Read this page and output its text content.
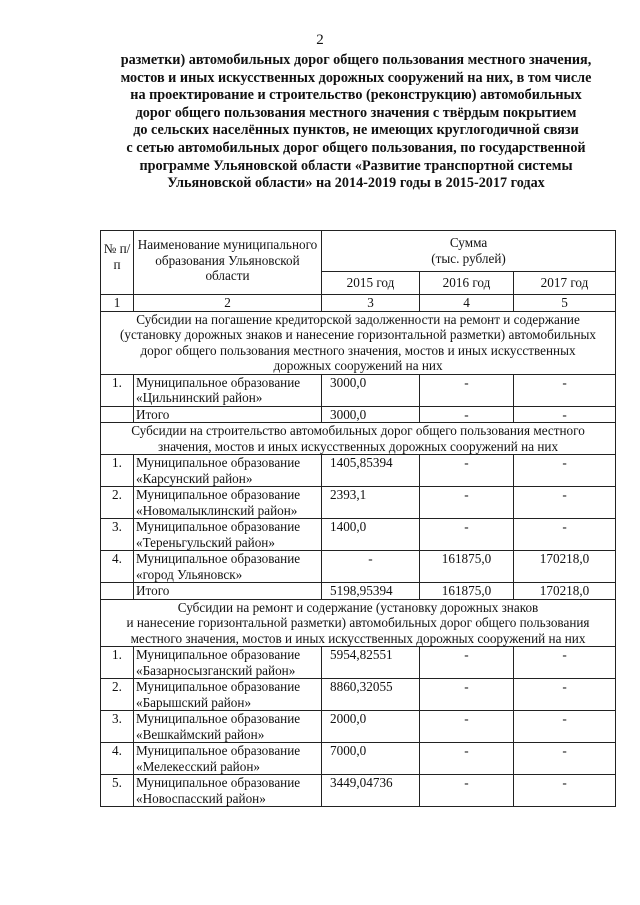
2
разметки) автомобильных дорог общего пользования местного значения,
мостов и иных искусственных дорожных сооружений на них, в том числе
на проектирование и строительство (реконструкцию) автомобильных
дорог общего пользования местного значения с твёрдым покрытием
до сельских населённых пунктов, не имеющих круглогодичной связи
с сетью автомобильных дорог общего пользования, по государственной
программе Ульяновской области «Развитие транспортной системы
Ульяновской области» на 2014-2019 годы в 2015-2017 годах
№ п/п	Наименование муниципального образования Ульяновской области	Сумма
(тыс. рублей)		

		2015 год	2016 год	2017 год
1	2	3	4	5

Субсидии на погашение кредиторской задолженности на ремонт и содержание
(установку дорожных знаков и нанесение горизонтальной разметки) автомобильных
дорог общего пользования местного значения, мостов и иных искусственных
дорожных сооружений на них				

1.	Муниципальное образование
«Цильнинский район»	3000,0	-	-
	Итого	3000,0	-	-

Субсидии на строительство автомобильных дорог общего пользования местного
значения, мостов и иных искусственных дорожных сооружений на них				

1.	Муниципальное образование
«Карсунский район»	1405,85394	-	-
2.	Муниципальное образование
«Новомалыклинский район»	2393,1	-	-
3.	Муниципальное образование
«Тереньгульский район»	1400,0	-	-
4.	Муниципальное образование
«город Ульяновск»	-	161875,0	170218,0
	Итого	5198,95394	161875,0	170218,0

Субсидии на ремонт и содержание (установку дорожных знаков
и нанесение горизонтальной разметки) автомобильных дорог общего пользования
местного значения, мостов и иных искусственных дорожных сооружений на них				

1.	Муниципальное образование
«Базарносызганский район»	5954,82551	-	-
2.	Муниципальное образование
«Барышский район»	8860,32055	-	-
3.	Муниципальное образование
«Вешкаймский район»	2000,0	-	-
4.	Муниципальное образование
«Мелекесский район»	7000,0	-	-
5.	Муниципальное образование
«Новоспасский район»	3449,04736	-	-
